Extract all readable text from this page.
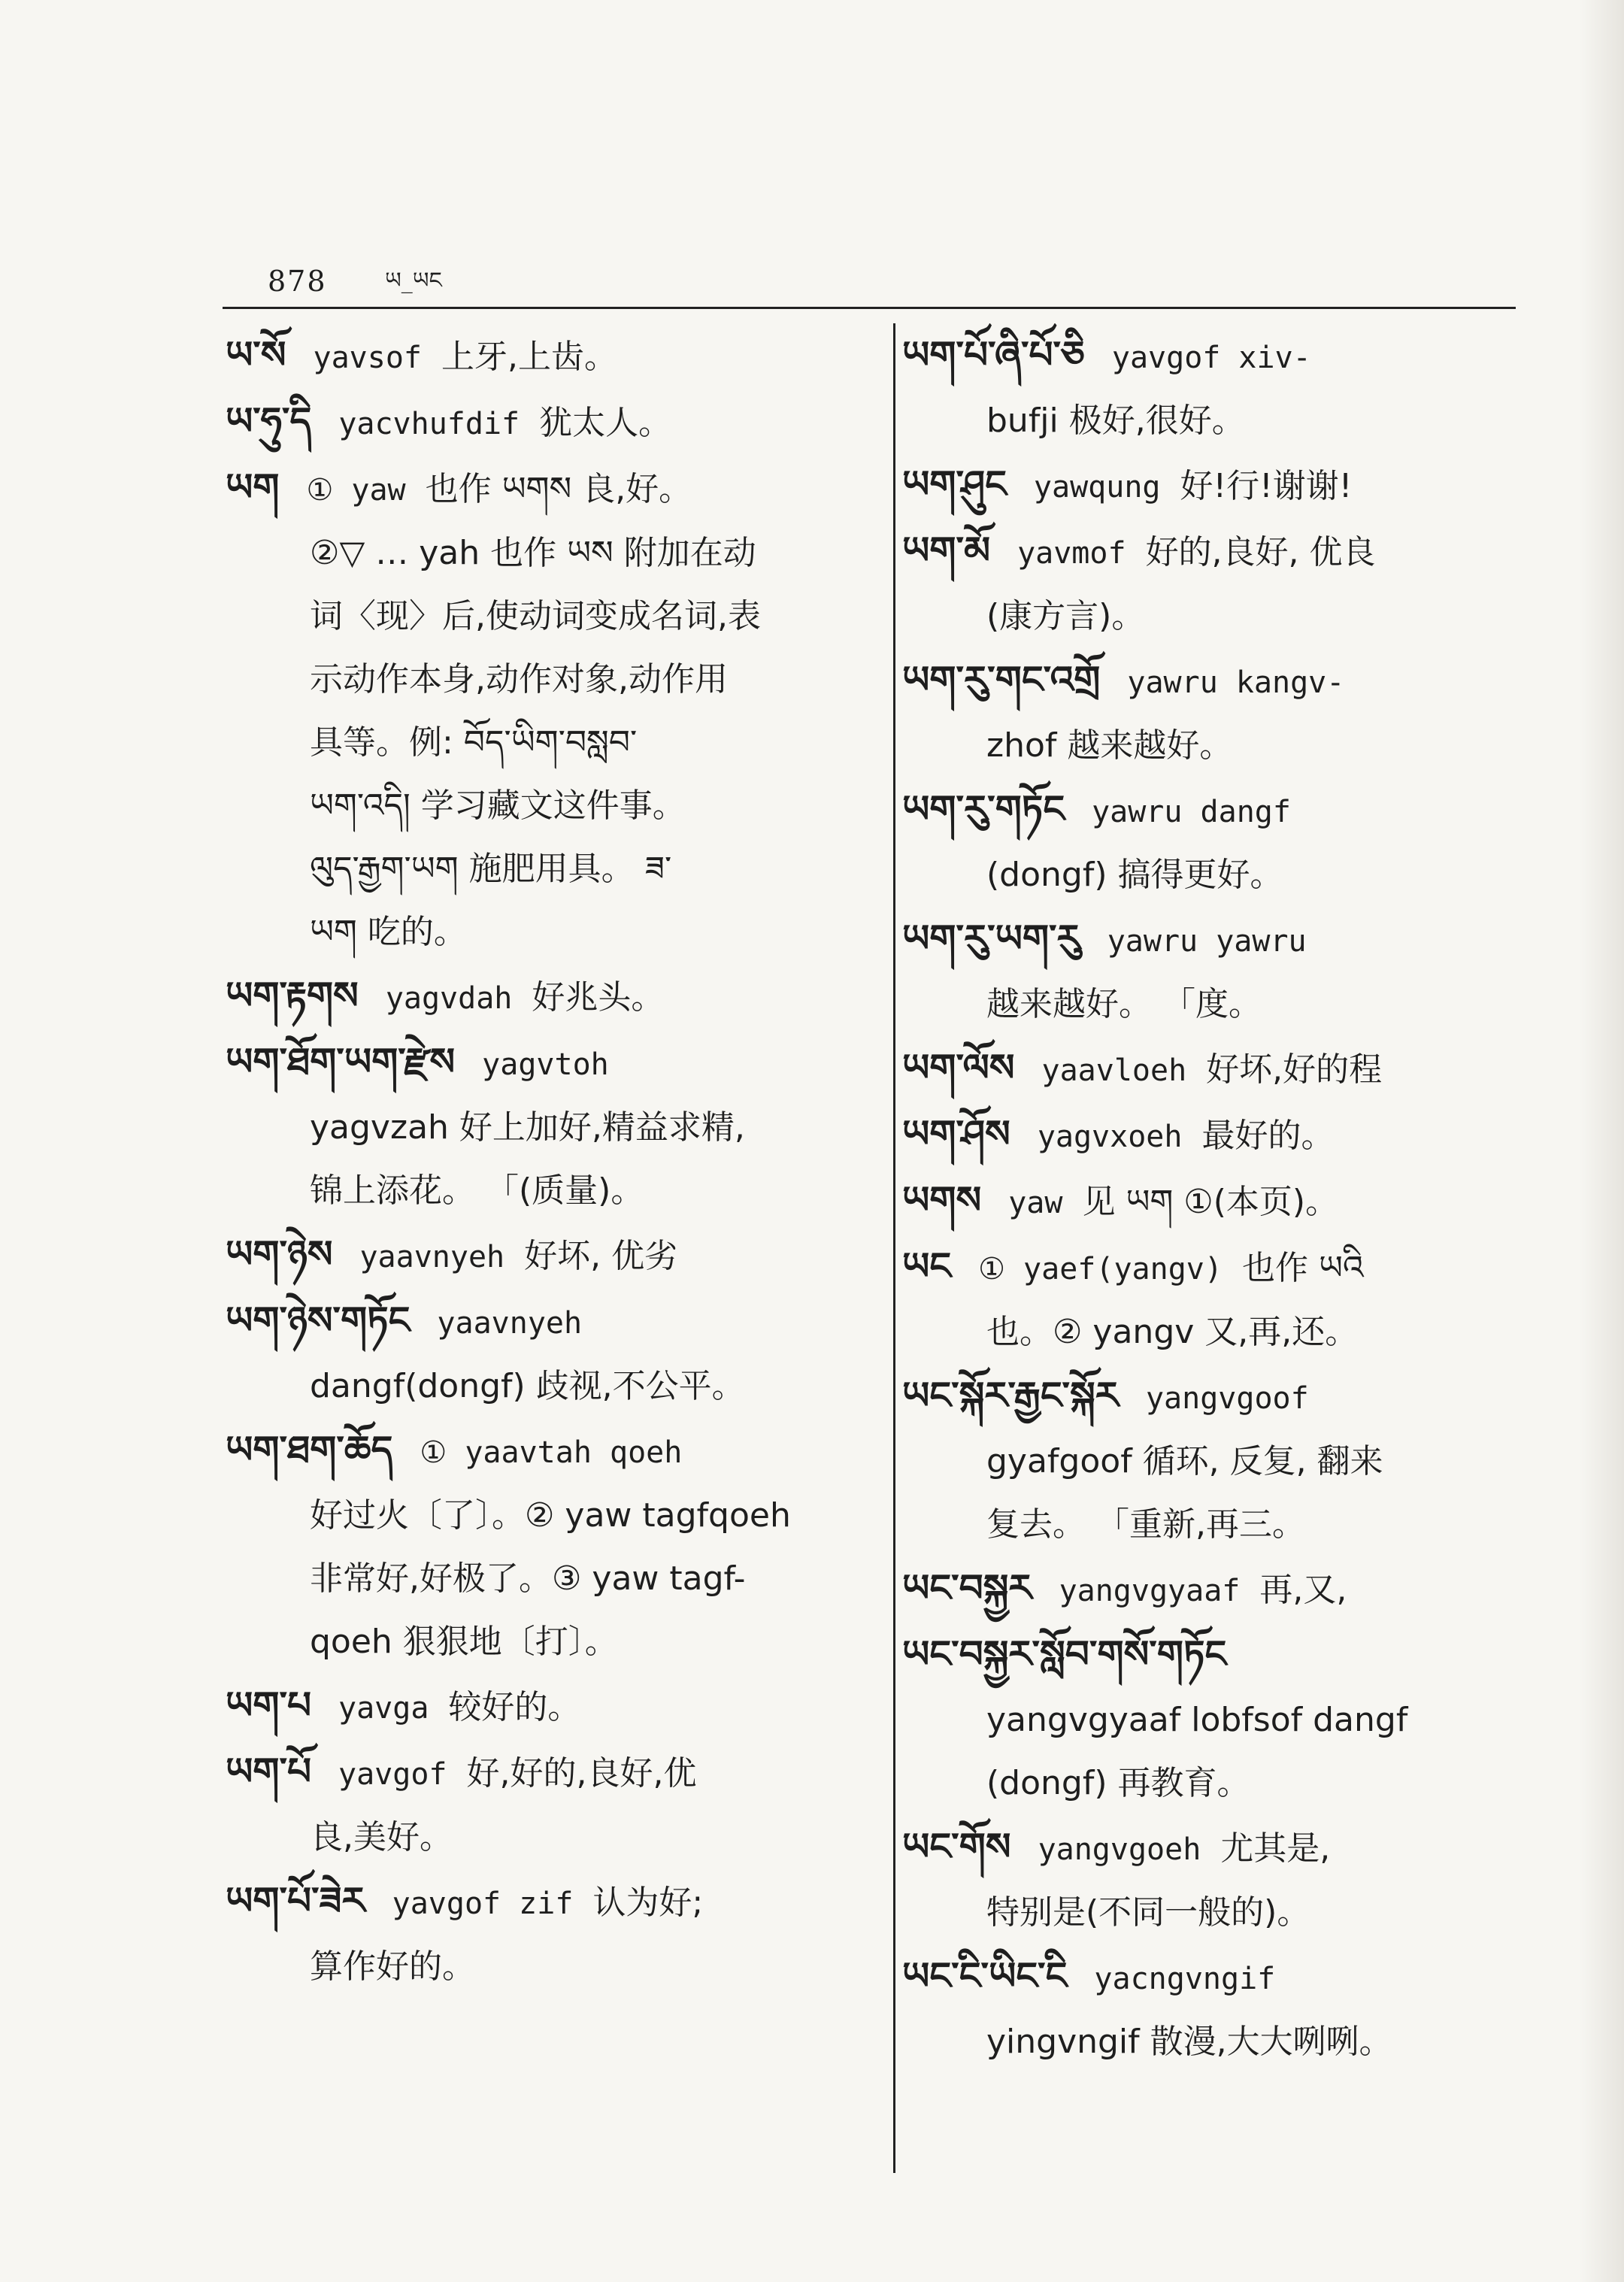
878	ཡ_ཡང
ཡ་སོ yavsof 上牙,上齿。
ཡ་ཧུ་དི yacvhufdif 犹太人。
ཡག ① yaw 也作 ཡགས 良,好。
②▽ … yah 也作 ཡས 附加在动
词〈现〉后,使动词变成名词,表
示动作本身,动作对象,动作用
具等。例: བོད་ཡིག་བསླབ་
ཡག་འདི། 学习藏文这件事。
ལུད་རྒྱག་ཡག 施肥用具。 ཟ་
ཡག 吃的。
ཡག་རྟགས yagvdah 好兆头。
ཡག་ཐོག་ཡག་རྫེས yagvtoh
yagvzah 好上加好,精益求精,
锦上添花。 「(质量)。
ཡག་ཉེས yaavnyeh 好坏, 优劣
ཡག་ཉེས་གཏོང yaavnyeh
dangf(dongf) 歧视,不公平。
ཡག་ཐག་ཆོད ① yaavtah qoeh
好过火〔了〕。② yaw tagfqoeh
非常好,好极了。③ yaw tagf-
qoeh 狠狠地〔打〕。
ཡག་པ yavga 较好的。
ཡག་པོ yavgof 好,好的,良好,优
良,美好。
ཡག་པོ་ཟེར yavgof zif 认为好;
算作好的。
ཡག་པོ་ཞི་པོ་ཅི yavgof xiv-
bufji 极好,很好。
ཡག་ཤུང yawqung 好!行!谢谢!
ཡག་མོ yavmof 好的,良好, 优良
(康方言)。
ཡག་རུ་གང་འགྲོ yawru kangv-
zhof 越来越好。
ཡག་རུ་གཏོང yawru dangf
(dongf) 搞得更好。
ཡག་རུ་ཡག་རུ yawru yawru
越来越好。 「度。
ཡག་ལོས yaavloeh 好坏,好的程
ཡག་ཤོས yagvxoeh 最好的。
ཡགས yaw 见 ཡག ①(本页)。
ཡང ① yaef(yangv) 也作 ཡའི
也。② yangv 又,再,还。
ཡང་སྐོར་རྒྱང་སྐོར yangvgoof
gyafgoof 循环, 反复, 翻来
复去。 「重新,再三。
ཡང་བསྐྱར yangvgyaaf 再,又,
ཡང་བསྐྱར་སློབ་གསོ་གཏོང
yangvgyaaf lobfsof dangf
(dongf) 再教育。
ཡང་གོས yangvgoeh 尤其是,
特别是(不同一般的)。
ཡང་ངི་ཡིང་ངི yacngvngif
yingvngif 散漫,大大咧咧。
